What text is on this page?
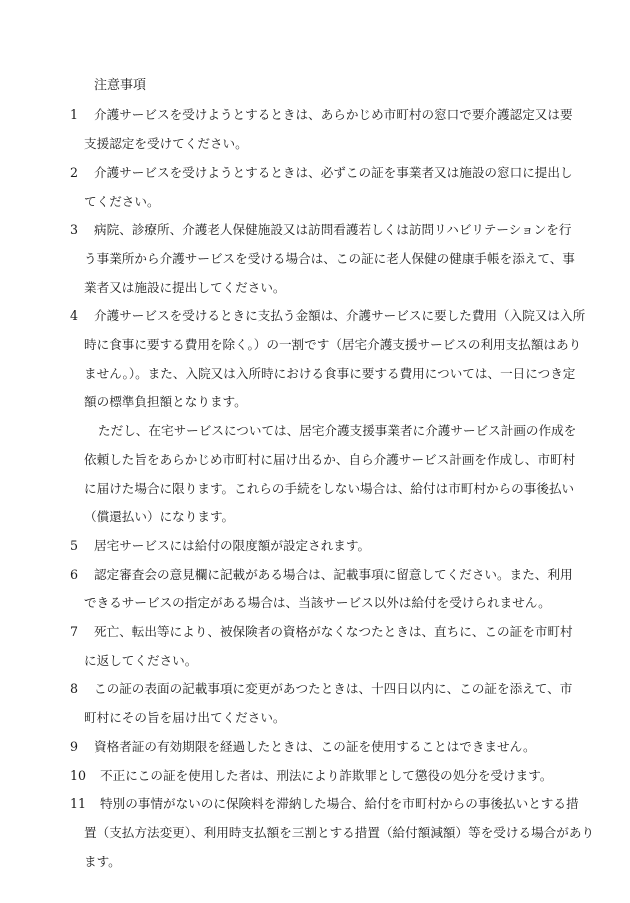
注意事項
1 介護サービスを受けようとするときは、あらかじめ市町村の窓口で要介護認定又は要
支援認定を受けてください。
2 介護サービスを受けようとするときは、必ずこの証を事業者又は施設の窓口に提出し
てください。
3 病院、診療所、介護老人保健施設又は訪問看護若しくは訪問リハビリテーションを行
う事業所から介護サービスを受ける場合は、この証に老人保健の健康手帳を添えて、事
業者又は施設に提出してください。
4 介護サービスを受けるときに支払う金額は、介護サービスに要した費用（入院又は入所
時に食事に要する費用を除く。）の一割です（居宅介護支援サービスの利用支払額はあり
ません。）。また、入院又は入所時における食事に要する費用については、一日につき定
額の標準負担額となります。
ただし、在宅サービスについては、居宅介護支援事業者に介護サービス計画の作成を
依頼した旨をあらかじめ市町村に届け出るか、自ら介護サービス計画を作成し、市町村
に届けた場合に限ります。これらの手続をしない場合は、給付は市町村からの事後払い
（償還払い）になります。
5 居宅サービスには給付の限度額が設定されます。
6 認定審査会の意見欄に記載がある場合は、記載事項に留意してください。また、利用
できるサービスの指定がある場合は、当該サービス以外は給付を受けられません。
7 死亡、転出等により、被保険者の資格がなくなつたときは、直ちに、この証を市町村
に返してください。
8 この証の表面の記載事項に変更があつたときは、十四日以内に、この証を添えて、市
町村にその旨を届け出てください。
9 資格者証の有効期限を経過したときは、この証を使用することはできません。
10 不正にこの証を使用した者は、刑法により詐欺罪として懲役の処分を受けます。
11 特別の事情がないのに保険料を滞納した場合、給付を市町村からの事後払いとする措
置（支払方法変更）、利用時支払額を三割とする措置（給付額減額）等を受ける場合があり
ます。
